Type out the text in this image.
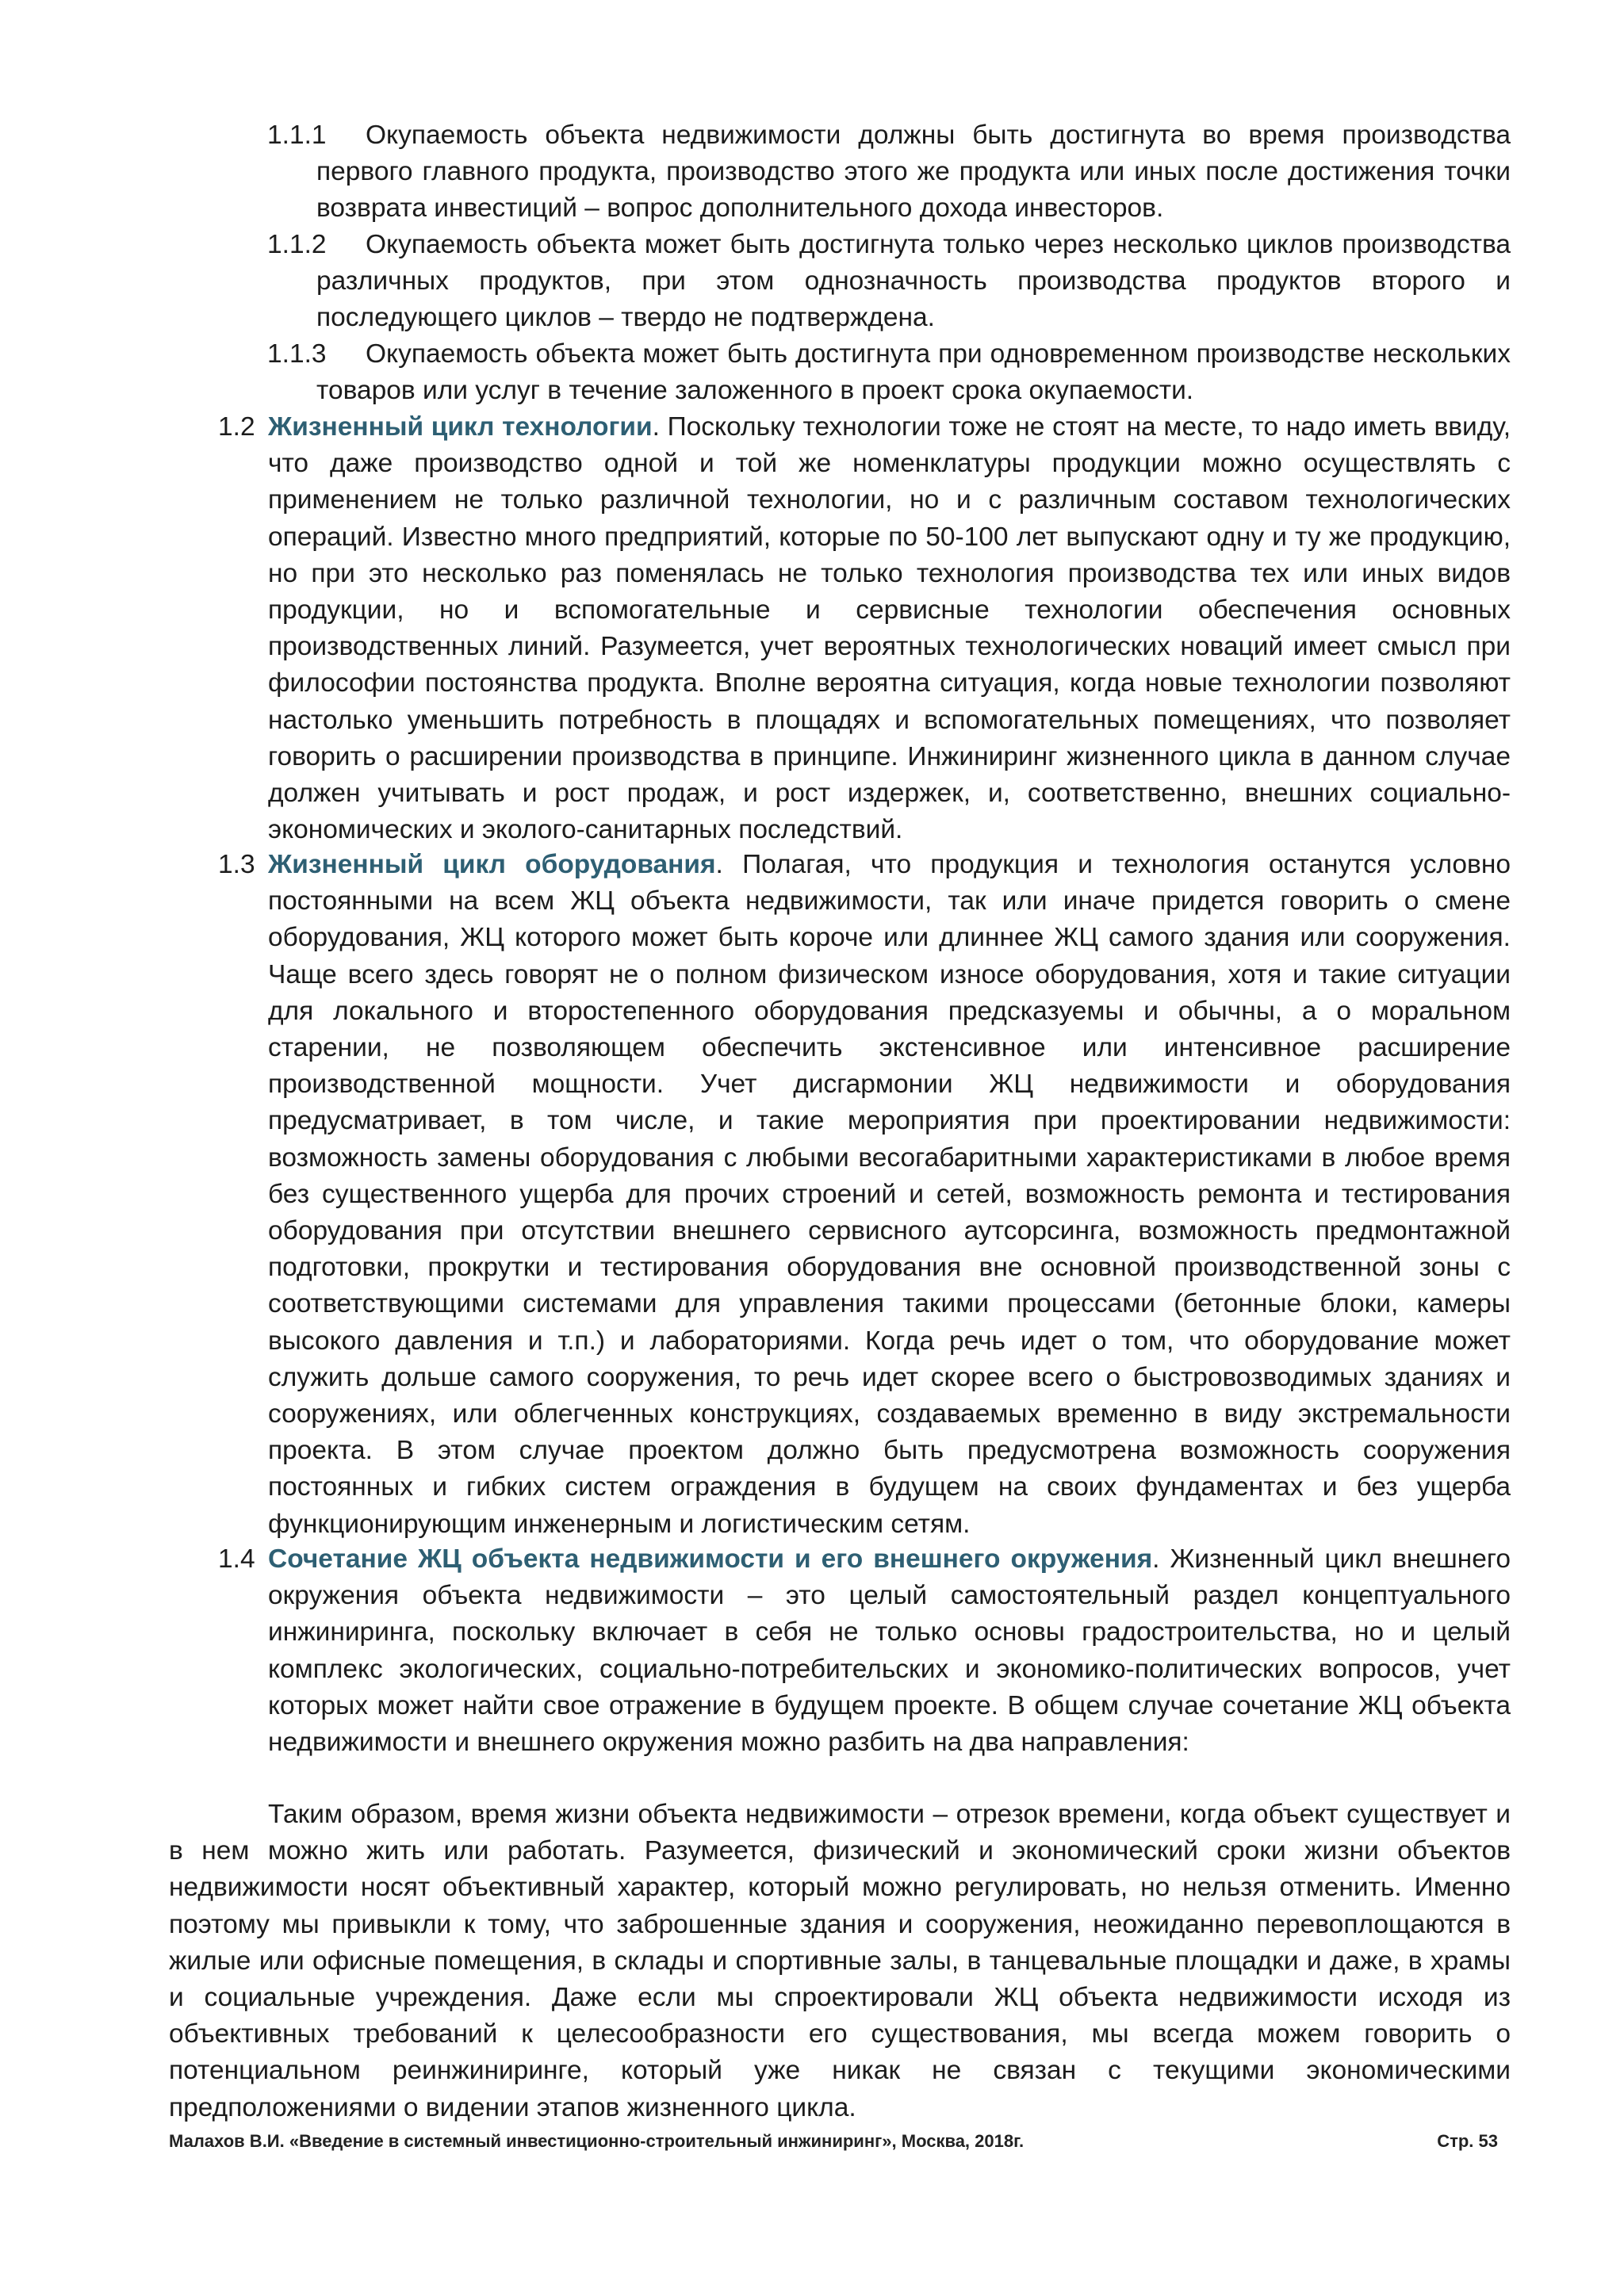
1.1.1	Окупаемость объекта недвижимости должны быть достигнута во время производства первого главного продукта, производство этого же продукта или иных после достижения точки возврата инвестиций – вопрос дополнительного дохода инвесторов.
1.1.2	Окупаемость объекта может быть достигнута только через несколько циклов производства различных продуктов, при этом однозначность производства продуктов второго и последующего циклов – твердо не подтверждена.
1.1.3	Окупаемость объекта может быть достигнута при одновременном производстве нескольких товаров или услуг в течение заложенного в проект срока окупаемости.
1.2 Жизненный цикл технологии. Поскольку технологии тоже не стоят на месте, то надо иметь ввиду, что даже производство одной и той же номенклатуры продукции можно осуществлять с применением не только различной технологии, но и с различным составом технологических операций. Известно много предприятий, которые по 50-100 лет выпускают одну и ту же продукцию, но при это несколько раз поменялась не только технология производства тех или иных видов продукции, но и вспомогательные и сервисные технологии обеспечения основных производственных линий. Разумеется, учет вероятных технологических новаций имеет смысл при философии постоянства продукта. Вполне вероятна ситуация, когда новые технологии позволяют настолько уменьшить потребность в площадях и вспомогательных помещениях, что позволяет говорить о расширении производства в принципе. Инжиниринг жизненного цикла в данном случае должен учитывать и рост продаж, и рост издержек, и, соответственно, внешних социально-экономических и эколого-санитарных последствий.
1.3 Жизненный цикл оборудования. Полагая, что продукция и технология останутся условно постоянными на всем ЖЦ объекта недвижимости, так или иначе придется говорить о смене оборудования, ЖЦ которого может быть короче или длиннее ЖЦ самого здания или сооружения. Чаще всего здесь говорят не о полном физическом износе оборудования, хотя и такие ситуации для локального и второстепенного оборудования предсказуемы и обычны, а о моральном старении, не позволяющем обеспечить экстенсивное или интенсивное расширение производственной мощности. Учет дисгармонии ЖЦ недвижимости и оборудования предусматривает, в том числе, и такие мероприятия при проектировании недвижимости: возможность замены оборудования с любыми весогабаритными характеристиками в любое время без существенного ущерба для прочих строений и сетей, возможность ремонта и тестирования оборудования при отсутствии внешнего сервисного аутсорсинга, возможность предмонтажной подготовки, прокрутки и тестирования оборудования вне основной производственной зоны с соответствующими системами для управления такими процессами (бетонные блоки, камеры высокого давления и т.п.) и лабораториями. Когда речь идет о том, что оборудование может служить дольше самого сооружения, то речь идет скорее всего о быстровозводимых зданиях и сооружениях, или облегченных конструкциях, создаваемых временно в виду экстремальности проекта. В этом случае проектом должно быть предусмотрена возможность сооружения постоянных и гибких систем ограждения в будущем на своих фундаментах и без ущерба функционирующим инженерным и логистическим сетям.
1.4 Сочетание ЖЦ объекта недвижимости и его внешнего окружения. Жизненный цикл внешнего окружения объекта недвижимости – это целый самостоятельный раздел концептуального инжиниринга, поскольку включает в себя не только основы градостроительства, но и целый комплекс экологических, социально-потребительских и экономико-политических вопросов, учет которых может найти свое отражение в будущем проекте. В общем случае сочетание ЖЦ объекта недвижимости и внешнего окружения можно разбить на два направления:
Таким образом, время жизни объекта недвижимости – отрезок времени, когда объект существует и в нем можно жить или работать. Разумеется, физический и экономический сроки жизни объектов недвижимости носят объективный характер, который можно регулировать, но нельзя отменить. Именно поэтому мы привыкли к тому, что заброшенные здания и сооружения, неожиданно перевоплощаются в жилые или офисные помещения, в склады и спортивные залы, в танцевальные площадки и даже, в храмы и социальные учреждения. Даже если мы спроектировали ЖЦ объекта недвижимости исходя из объективных требований к целесообразности его существования, мы всегда можем говорить о потенциальном реинжиниринге, который уже никак не связан с текущими экономическими предположениями о видении этапов жизненного цикла.
Малахов В.И. «Введение в системный инвестиционно-строительный инжиниринг», Москва, 2018г.	Стр. 53
